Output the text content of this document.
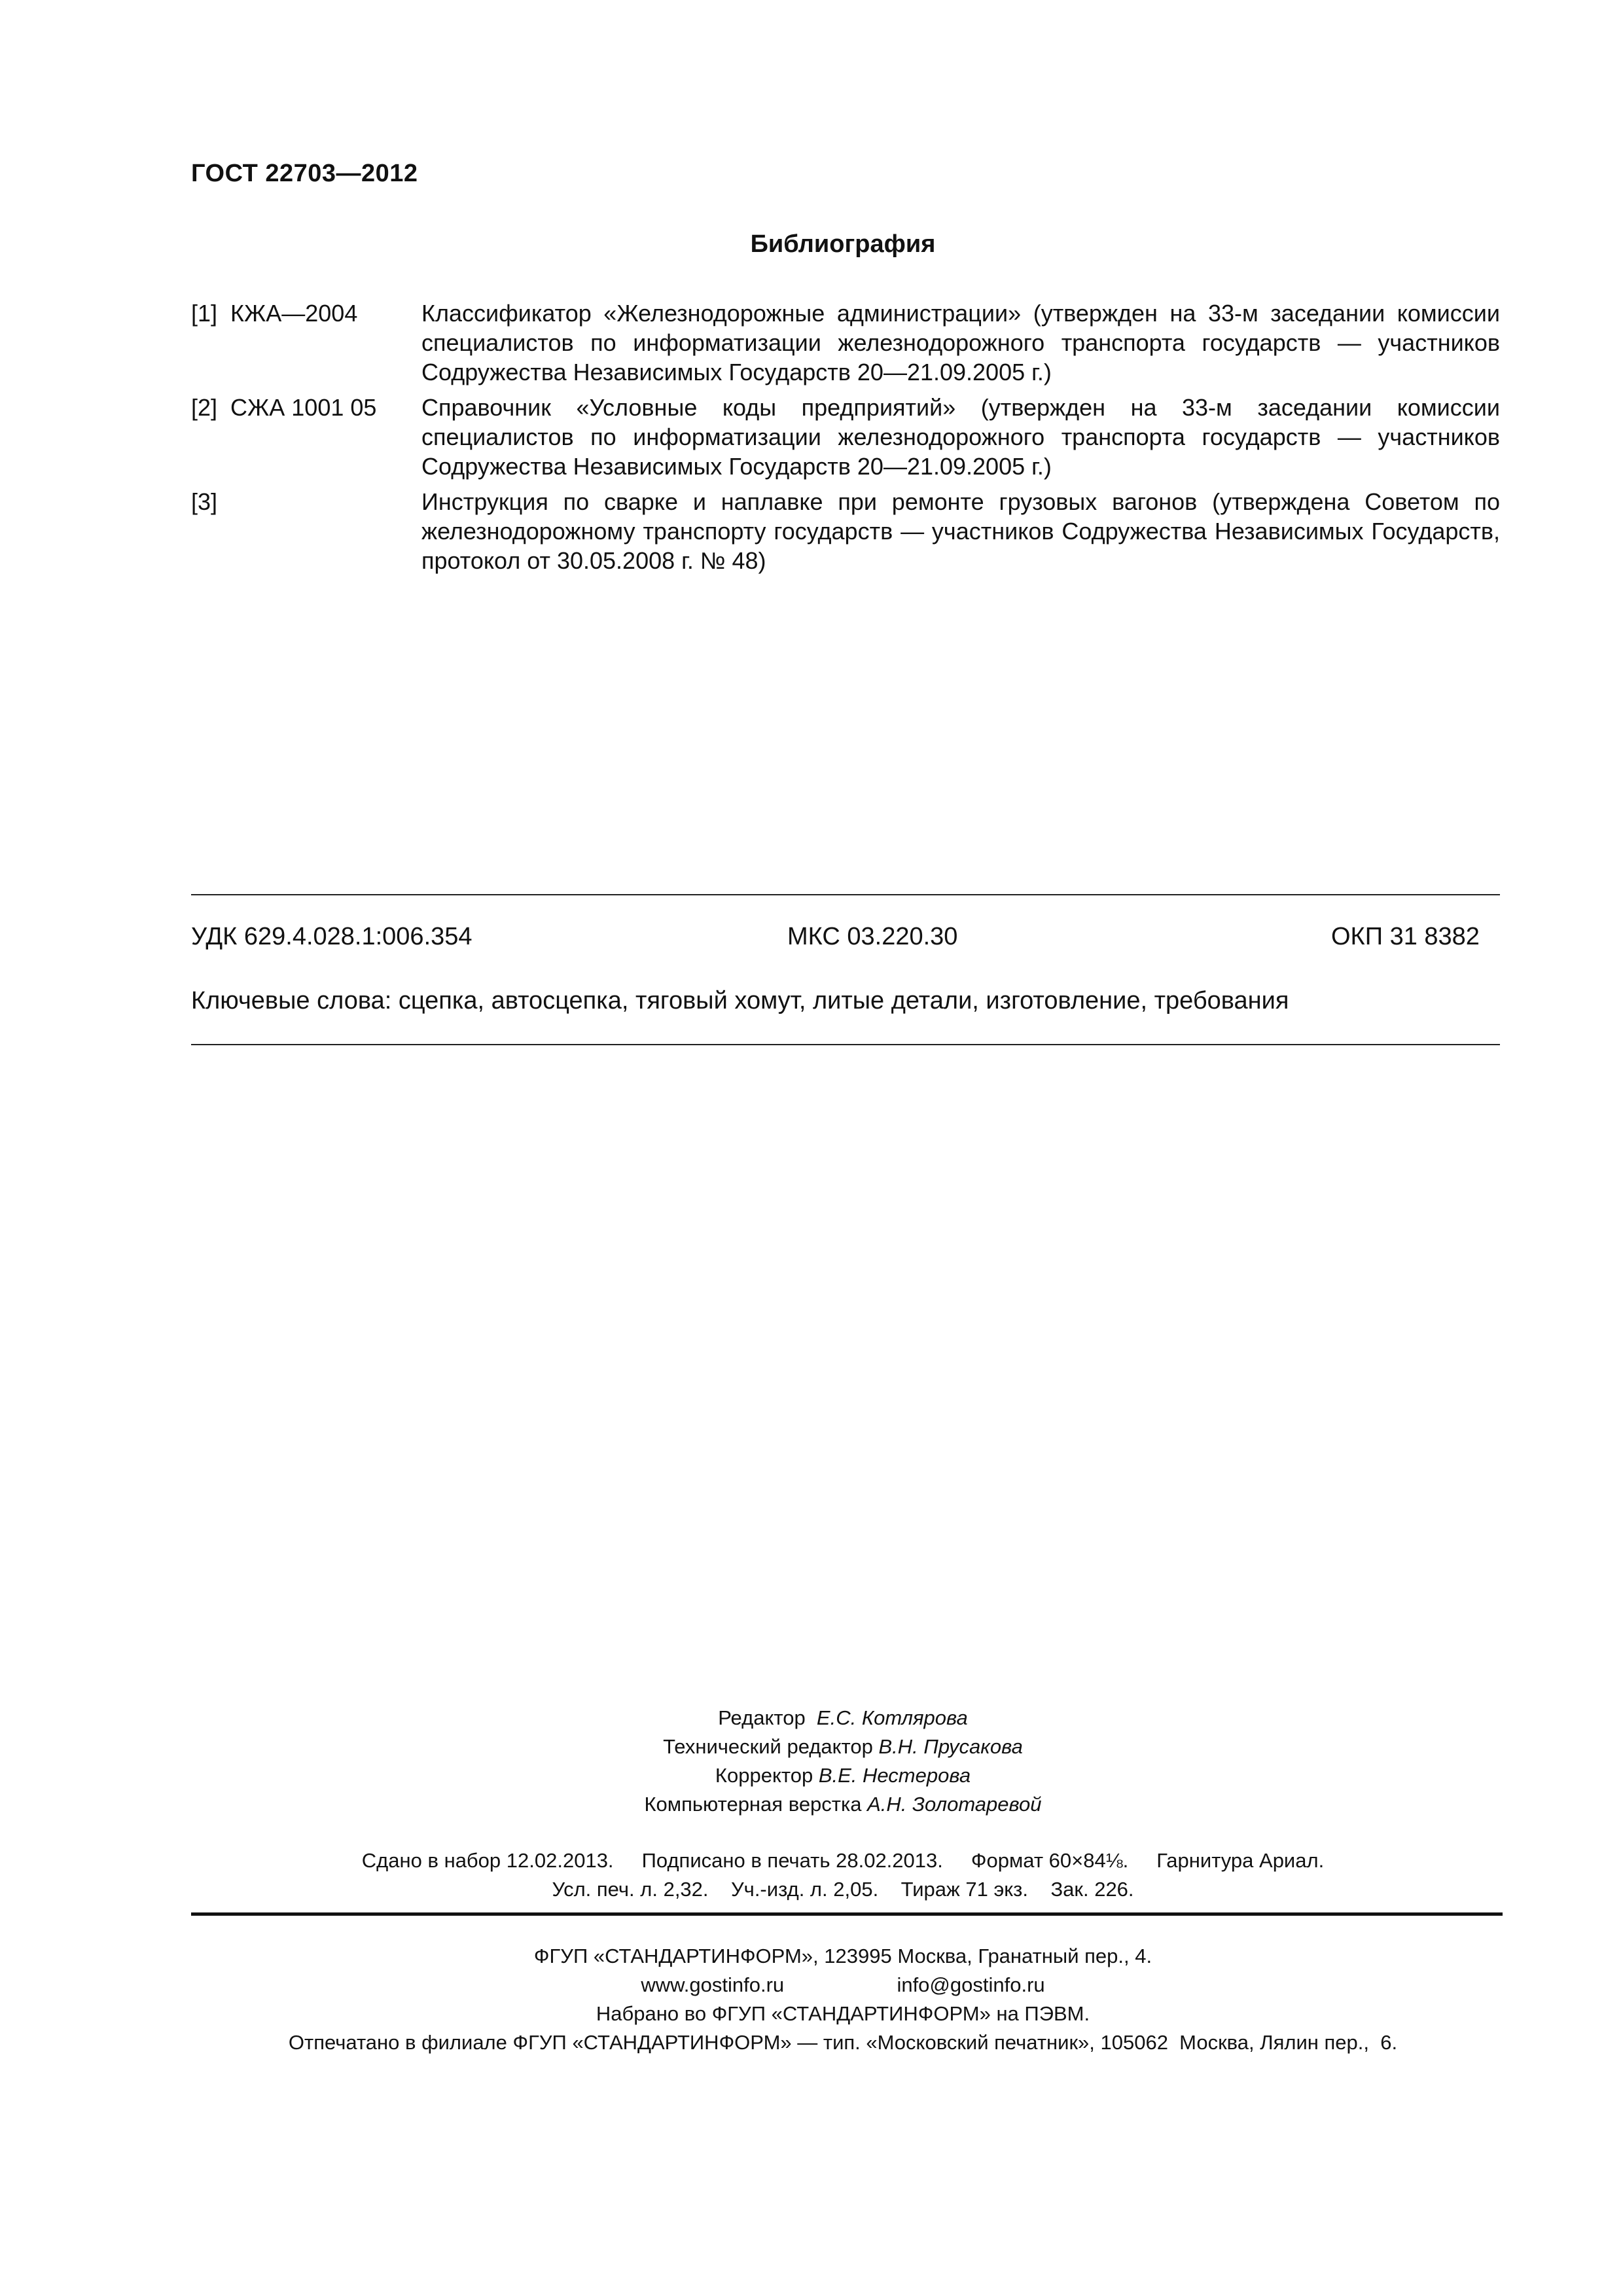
ГОСТ 22703—2012
Библиография
[1]  КЖА—2004	Классификатор «Железнодорожные администрации» (утвержден на 33-м заседании комиссии специалистов по информатизации железнодорожного транспорта государств — участников Содружества Независимых Государств 20—21.09.2005 г.)
[2]  СЖА 1001 05	Справочник «Условные коды предприятий» (утвержден на 33-м заседании комиссии специалистов по информатизации железнодорожного транспорта государств — участников Содружества Независимых Государств 20—21.09.2005 г.)
[3]	Инструкция по сварке и наплавке при ремонте грузовых вагонов (утверждена Советом по железнодорожному транспорту государств — участников Содружества Независимых Государств, протокол от 30.05.2008 г. № 48)
УДК 629.4.028.1:006.354	МКС 03.220.30	ОКП 31 8382
Ключевые слова: сцепка, автосцепка, тяговый хомут, литые детали, изготовление, требования
Редактор Е.С. Котлярова
Технический редактор В.Н. Прусакова
Корректор В.Е. Нестерова
Компьютерная верстка А.Н. Золотаревой
Сдано в набор 12.02.2013.     Подписано в печать 28.02.2013.     Формат 60×84⅛.     Гарнитура Ариал.
Усл. печ. л. 2,32.    Уч.-изд. л. 2,05.    Тираж 71 экз.    Зак. 226.
ФГУП «СТАНДАРТИНФОРМ», 123995 Москва, Гранатный пер., 4.
www.gostinfo.ru	info@gostinfo.ru
Набрано во ФГУП «СТАНДАРТИНФОРМ» на ПЭВМ.
Отпечатано в филиале ФГУП «СТАНДАРТИНФОРМ» — тип. «Московский печатник», 105062  Москва, Лялин пер.,  6.
